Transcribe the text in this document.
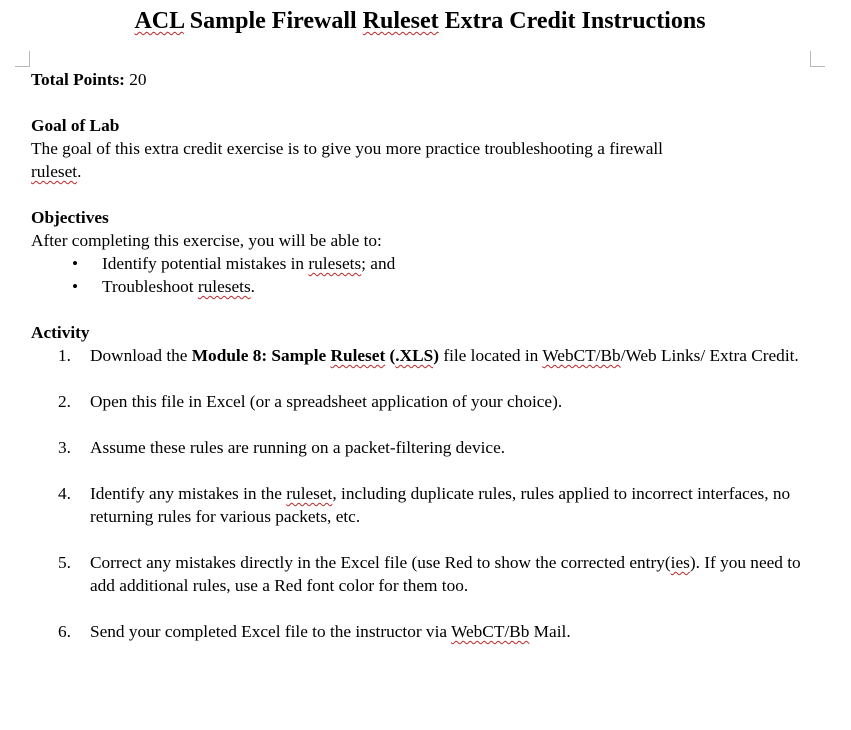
ACL Sample Firewall Ruleset Extra Credit Instructions
Total Points: 20
Goal of Lab
The goal of this extra credit exercise is to give you more practice troubleshooting a firewall
ruleset.
Objectives
After completing this exercise, you will be able to:
• Identify potential mistakes in rulesets; and
• Troubleshoot rulesets.
Activity
1. Download the Module 8: Sample Ruleset (.XLS) file located in WebCT/Bb/Web Links/ Extra Credit.
2. Open this file in Excel (or a spreadsheet application of your choice).
3. Assume these rules are running on a packet-filtering device.
4. Identify any mistakes in the ruleset, including duplicate rules, rules applied to incorrect interfaces, no returning rules for various packets, etc.
5. Correct any mistakes directly in the Excel file (use Red to show the corrected entry(ies). If you need to add additional rules, use a Red font color for them too.
6. Send your completed Excel file to the instructor via WebCT/Bb Mail.
